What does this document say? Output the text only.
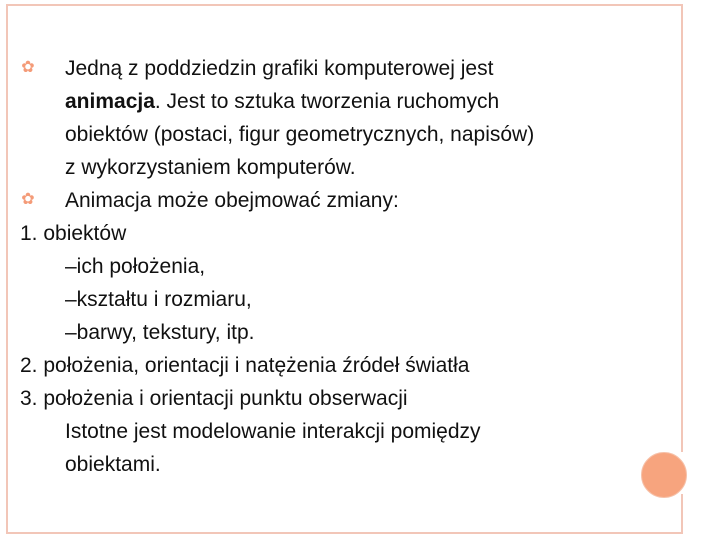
✿ Jedną z poddziedzin grafiki komputerowej jest
animacja. Jest to sztuka tworzenia ruchomych
obiektów (postaci, figur geometrycznych, napisów)
z wykorzystaniem komputerów.
✿ Animacja może obejmować zmiany:
1. obiektów
–ich położenia,
–kształtu i rozmiaru,
–barwy, tekstury, itp.
2. położenia, orientacji i natężenia źródeł światła
3. położenia i orientacji punktu obserwacji
Istotne jest modelowanie interakcji pomiędzy
obiektami.
